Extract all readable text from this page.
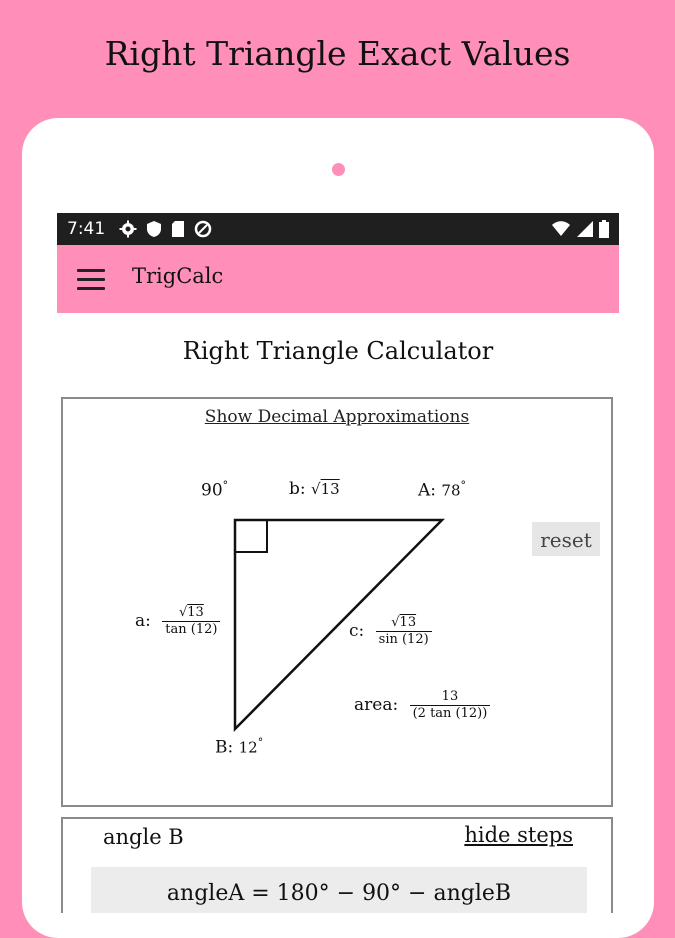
Right Triangle Exact Values
7:41
TrigCalc
Right Triangle Calculator
Show Decimal Approximations
90°	b: √13	A: 78°
reset
a: $\frac{√13}{\tan (12)}$	c: $\frac{√13}{\sin (12)}$
area: $\frac{13}{(2 \tan (12))}$
B: 12°
angle B	hide steps
angleA = 180° − 90° − angleB
